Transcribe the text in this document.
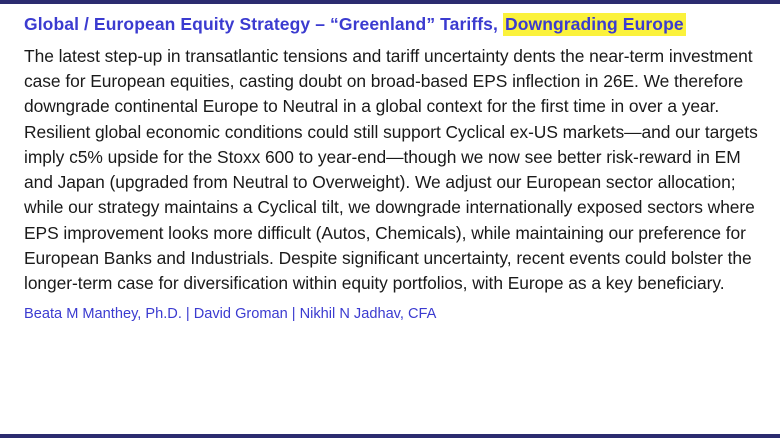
Global / European Equity Strategy – “Greenland” Tariffs, Downgrading Europe

The latest step-up in transatlantic tensions and tariff uncertainty dents the near-term investment case for European equities, casting doubt on broad-based EPS inflection in 26E. We therefore downgrade continental Europe to Neutral in a global context for the first time in over a year. Resilient global economic conditions could still support Cyclical ex-US markets—and our targets imply c5% upside for the Stoxx 600 to year-end—though we now see better risk-reward in EM and Japan (upgraded from Neutral to Overweight). We adjust our European sector allocation; while our strategy maintains a Cyclical tilt, we downgrade internationally exposed sectors where EPS improvement looks more difficult (Autos, Chemicals), while maintaining our preference for European Banks and Industrials. Despite significant uncertainty, recent events could bolster the longer-term case for diversification within equity portfolios, with Europe as a key beneficiary.

Beata M Manthey, Ph.D. | David Groman | Nikhil N Jadhav, CFA
